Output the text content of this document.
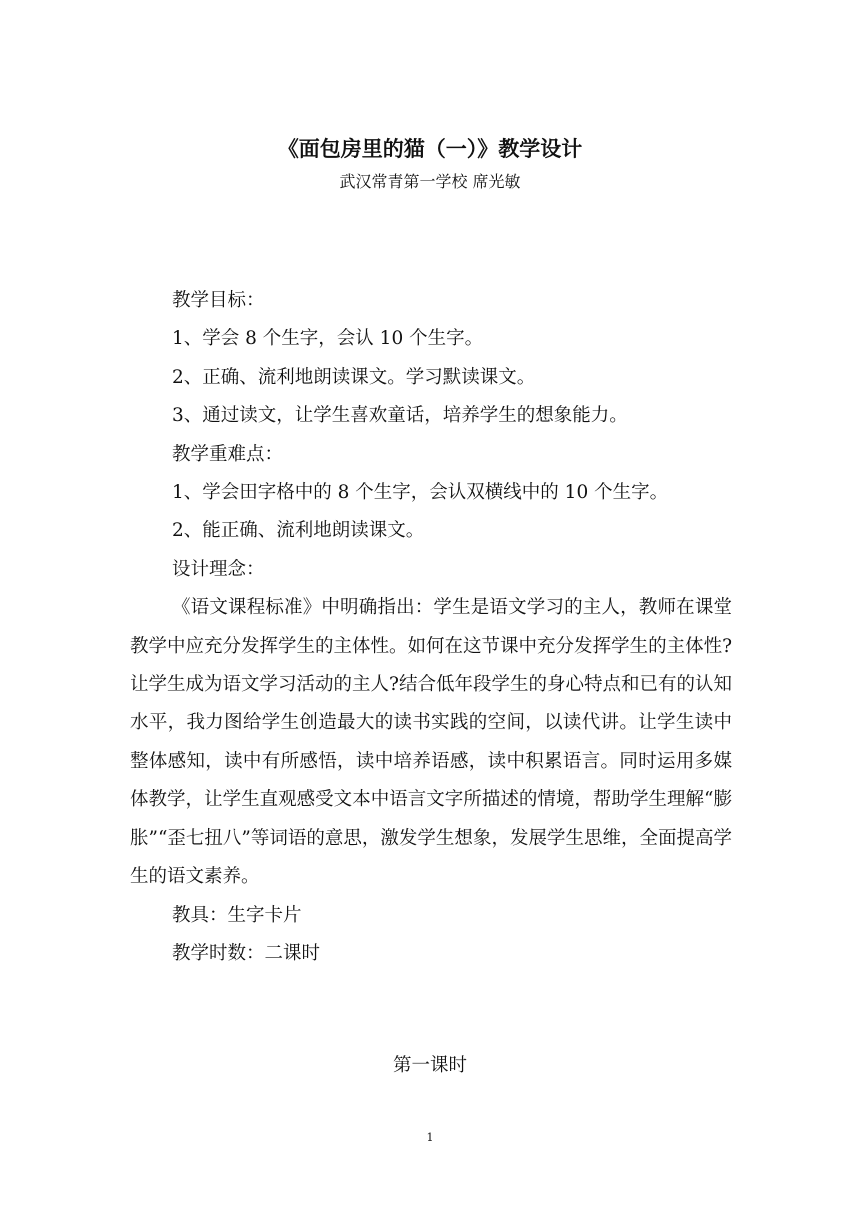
《面包房里的猫（一）》教学设计
武汉常青第一学校 席光敏

教学目标：

1、学会 8 个生字，会认 10 个生字。

2、正确、流利地朗读课文。学习默读课文。

3、通过读文，让学生喜欢童话，培养学生的想象能力。

教学重难点：

1、学会田字格中的 8 个生字，会认双横线中的 10 个生字。

2、能正确、流利地朗读课文。

设计理念：

《语文课程标准》中明确指出：学生是语文学习的主人，教师在课堂教学中应充分发挥学生的主体性。如何在这节课中充分发挥学生的主体性?让学生成为语文学习活动的主人?结合低年段学生的身心特点和已有的认知水平，我力图给学生创造最大的读书实践的空间，以读代讲。让学生读中整体感知，读中有所感悟，读中培养语感，读中积累语言。同时运用多媒体教学，让学生直观感受文本中语言文字所描述的情境，帮助学生理解“膨胀”“歪七扭八”等词语的意思，激发学生想象，发展学生思维，全面提高学生的语文素养。

教具：生字卡片

教学时数：二课时

第一课时
1
